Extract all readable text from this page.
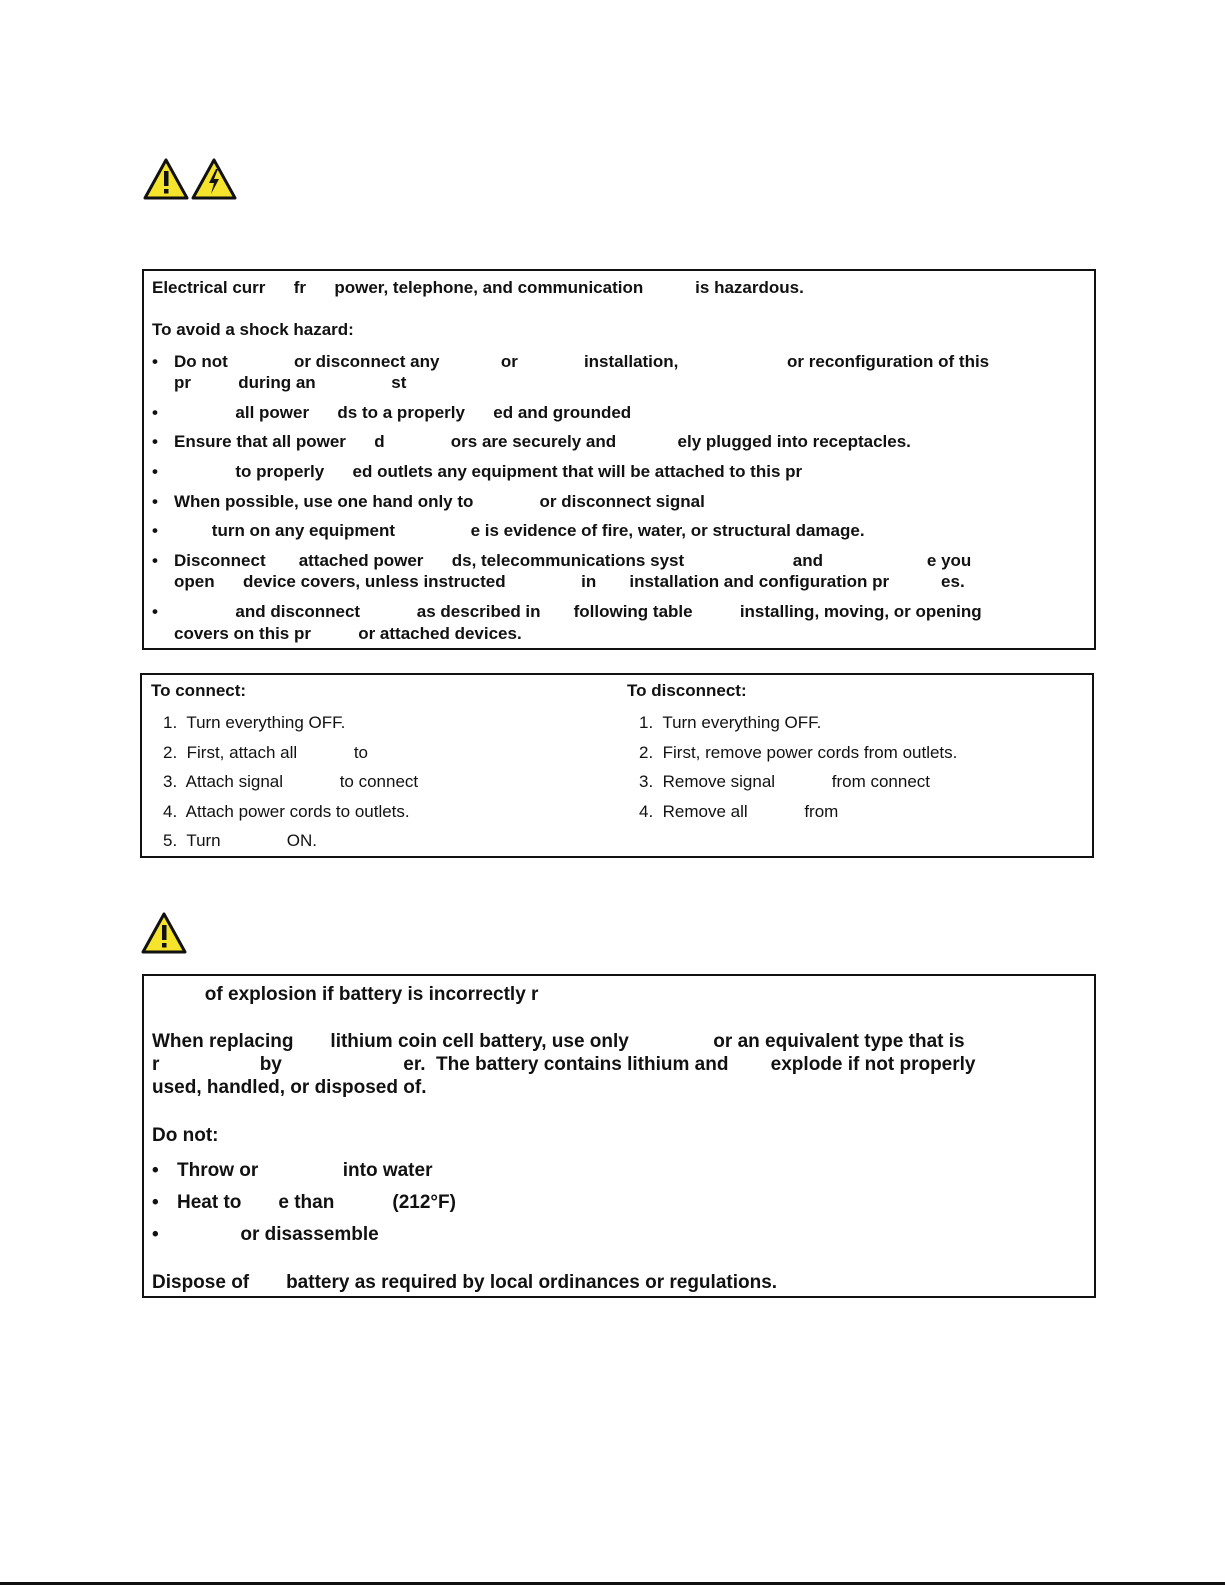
Electrical curr      fr      power, telephone, and communication           is hazardous.
To avoid a shock hazard:
• Do not              or disconnect any             or              installation,                       or reconfiguration of this
pr          during an                st
• all power      ds to a properly      ed and grounded
• Ensure that all power      d              ors are securely and             ely plugged into receptacles.
• to properly      ed outlets any equipment that will be attached to this pr
• When possible, use one hand only to              or disconnect signal
• turn on any equipment                e is evidence of fire, water, or structural damage.
• Disconnect       attached power      ds, telecommunications syst                       and                      e you
open      device covers, unless instructed                in       installation and configuration pr           es.
• and disconnect            as described in       following table          installing, moving, or opening
covers on this pr          or attached devices.
To connect:
1.  Turn everything OFF.
2.  First, attach all            to
3.  Attach signal            to connect
4.  Attach power cords to outlets.
5.  Turn              ON.
To disconnect:
1.  Turn everything OFF.
2.  First, remove power cords from outlets.
3.  Remove signal            from connect
4.  Remove all            from
of explosion if battery is incorrectly r
When replacing       lithium coin cell battery, use only                or an equivalent type that is
r                   by                       er.  The battery contains lithium and        explode if not properly
used, handled, or disposed of.
Do not:
• Throw or                into water
• Heat to       e than           (212°F)
• or disassemble
Dispose of       battery as required by local ordinances or regulations.
